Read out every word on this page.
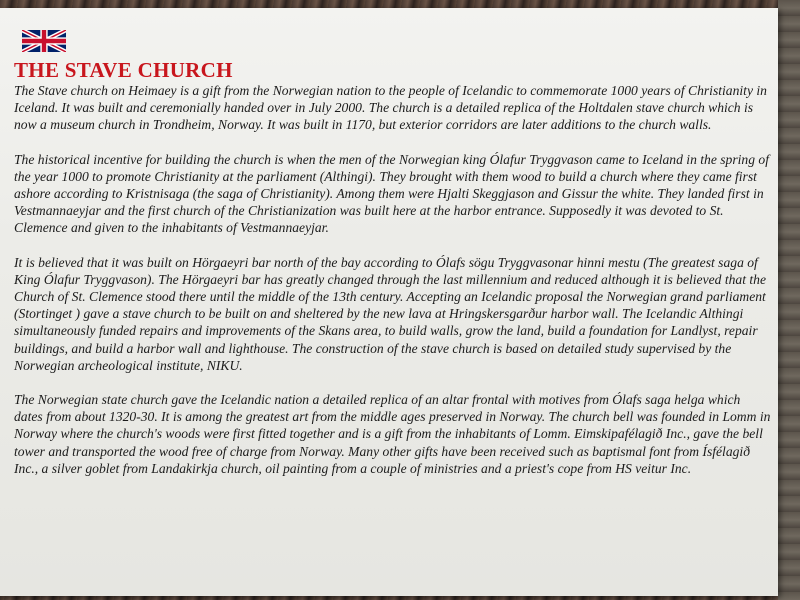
THE STAVE CHURCH

The Stave church on Heimaey is a gift from the Norwegian nation to the people of Icelandic to commemorate 1000 years of Christianity in Iceland. It was built and ceremonially handed over in July 2000. The church is a detailed replica of the Holtdalen stave church which is now a museum church in Trondheim, Norway. It was built in 1170, but exterior corridors are later additions to the church walls.

The historical incentive for building the church is when the men of the Norwegian king Ólafur Tryggvason came to Iceland in the spring of the year 1000 to promote Christianity at the parliament (Althingi). They brought with them wood to build a church where they came first ashore according to Kristnisaga (the saga of Christianity). Among them were Hjalti Skeggjason and Gissur the white. They landed first in Vestmannaeyjar and the first church of the Christianization was built here at the harbor entrance. Supposedly it was devoted to St. Clemence and given to the inhabitants of Vestmannaeyjar.

It is believed that it was built on Hörgaeyri bar north of the bay according to Ólafs sögu Tryggvasonar hinni mestu (The greatest saga of King Ólafur Tryggvason). The Hörgaeyri bar has greatly changed through the last millennium and reduced although it is believed that the Church of St. Clemence stood there until the middle of the 13th century. Accepting an Icelandic proposal the Norwegian grand parliament (Stortinget ) gave a stave church to be built on and sheltered by the new lava at Hringskersgarður harbor wall. The Icelandic Althingi simultaneously funded repairs and improvements of the Skans area, to build walls, grow the land, build a foundation for Landlyst, repair buildings, and build a harbor wall and lighthouse. The construction of the stave church is based on detailed study supervised by the Norwegian archeological institute, NIKU.

The Norwegian state church gave the Icelandic nation a detailed replica of an altar frontal with motives from Ólafs saga helga which dates from about 1320-30. It is among the greatest art from the middle ages preserved in Norway. The church bell was founded in Lomm in Norway where the church's woods were first fitted together and is a gift from the inhabitants of Lomm. Eimskipafélagið Inc., gave the bell tower and transported the wood free of charge from Norway. Many other gifts have been received such as baptismal font from Ísfélagið Inc., a silver goblet from Landakirkja church, oil painting from a couple of ministries and a priest's cope from HS veitur Inc.
